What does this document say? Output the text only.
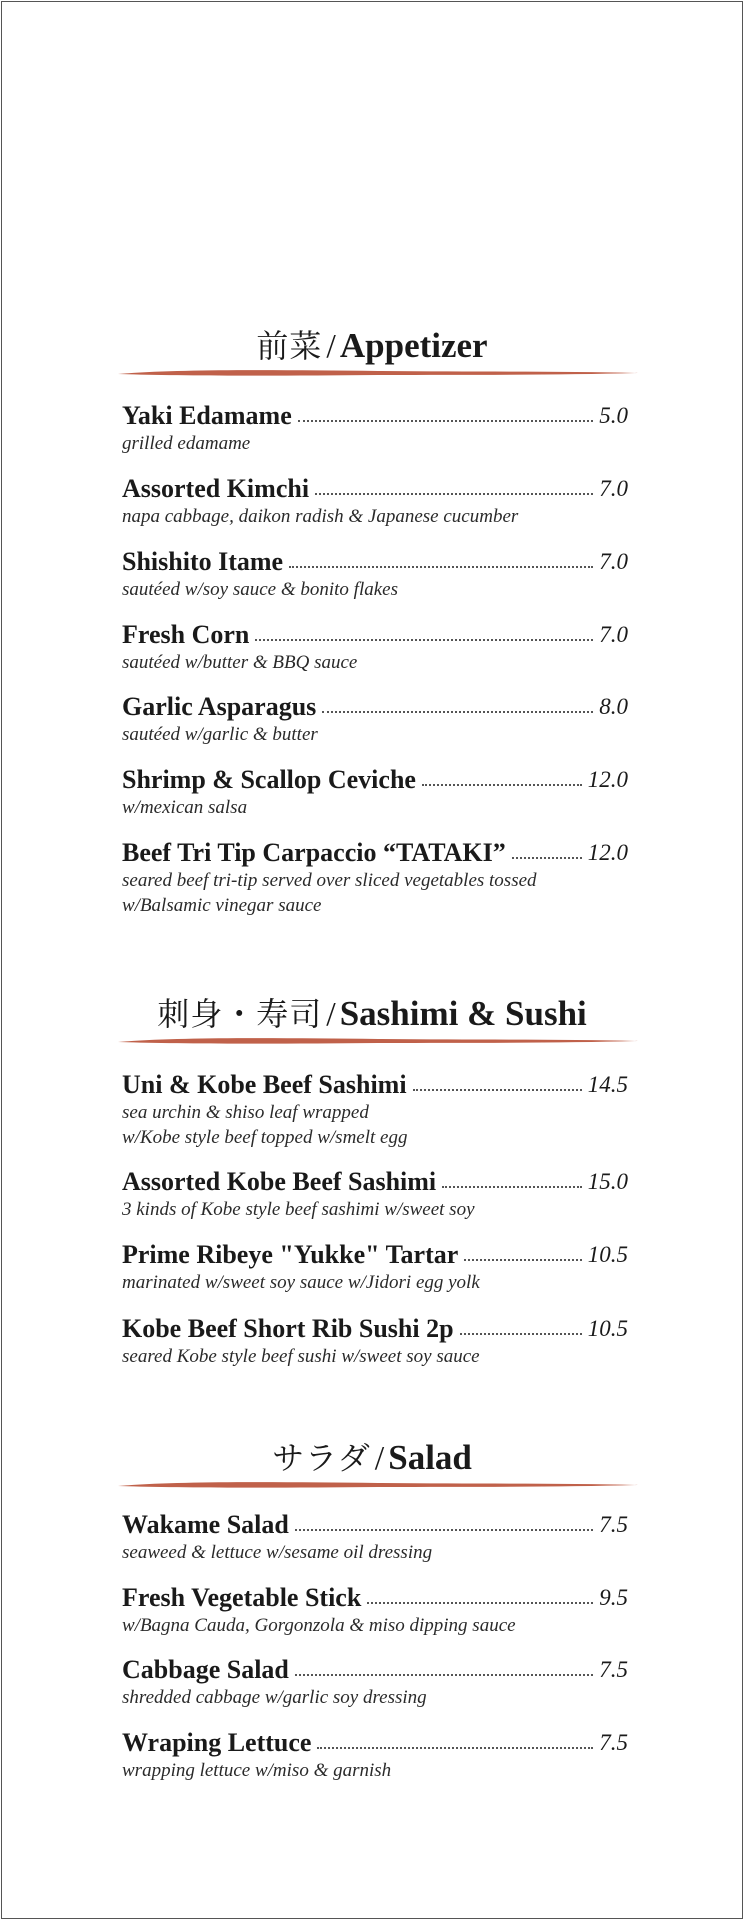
前菜 / Appetizer
Yaki Edamame	5.0
grilled edamame
Assorted Kimchi	7.0
napa cabbage, daikon radish & Japanese cucumber
Shishito Itame	7.0
sautéed w/soy sauce & bonito flakes
Fresh Corn	7.0
sautéed w/butter & BBQ sauce
Garlic Asparagus	8.0
sautéed w/garlic & butter
Shrimp & Scallop Ceviche	12.0
w/mexican salsa
Beef Tri Tip Carpaccio “TATAKI”	12.0
seared beef tri-tip served over sliced vegetables tossed
w/Balsamic vinegar sauce
刺身・寿司 / Sashimi & Sushi
Uni & Kobe Beef Sashimi	14.5
sea urchin & shiso leaf wrapped
w/Kobe style beef topped w/smelt egg
Assorted Kobe Beef Sashimi	15.0
3 kinds of Kobe style beef sashimi w/sweet soy
Prime Ribeye "Yukke" Tartar	10.5
marinated w/sweet soy sauce w/Jidori egg yolk
Kobe Beef Short Rib Sushi 2p	10.5
seared Kobe style beef sushi w/sweet soy sauce
サラダ / Salad
Wakame Salad	7.5
seaweed & lettuce w/sesame oil dressing
Fresh Vegetable Stick	9.5
w/Bagna Cauda, Gorgonzola & miso dipping sauce
Cabbage Salad	7.5
shredded cabbage w/garlic soy dressing
Wraping Lettuce	7.5
wrapping lettuce w/miso & garnish
